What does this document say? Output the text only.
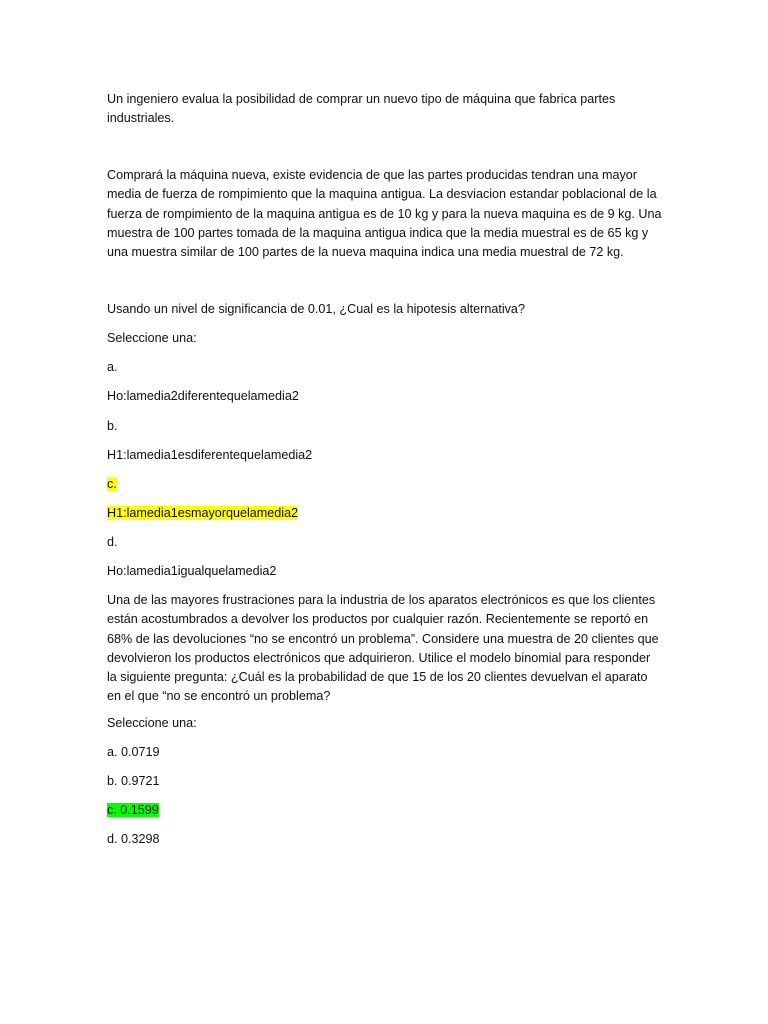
Un ingeniero evalua la posibilidad de comprar un nuevo tipo de máquina que fabrica partes
industriales.
Comprará la máquina nueva, existe evidencia de que las partes producidas tendran una mayor
media de fuerza de rompimiento que la maquina antigua. La desviacion estandar poblacional de la
fuerza de rompimiento de la maquina antigua es de 10 kg y para la nueva maquina es de 9 kg. Una
muestra de 100 partes tomada de la maquina antigua indica que la media muestral es de 65 kg y
una muestra similar de 100 partes de la nueva maquina indica una media muestral de 72 kg.

Usando un nivel de significancia de 0.01, ¿Cual es la hipotesis alternativa?

Seleccione una:

a.

Ho:lamedia2diferentequelamedia2

b.

H1:lamedia1esdiferentequelamedia2

c.

H1:lamedia1esmayorquelamedia2

d.

Ho:lamedia1igualquelamedia2

Una de las mayores frustraciones para la industria de los aparatos electrónicos es que los clientes
están acostumbrados a devolver los productos por cualquier razón. Recientemente se reportó en
68% de las devoluciones “no se encontró un problema”. Considere una muestra de 20 clientes que
devolvieron los productos electrónicos que adquirieron. Utilice el modelo binomial para responder
la siguiente pregunta: ¿Cuál es la probabilidad de que 15 de los 20 clientes devuelvan el aparato
en el que “no se encontró un problema?

Seleccione una:

a. 0.0719

b. 0.9721

c. 0.1599

d. 0.3298
